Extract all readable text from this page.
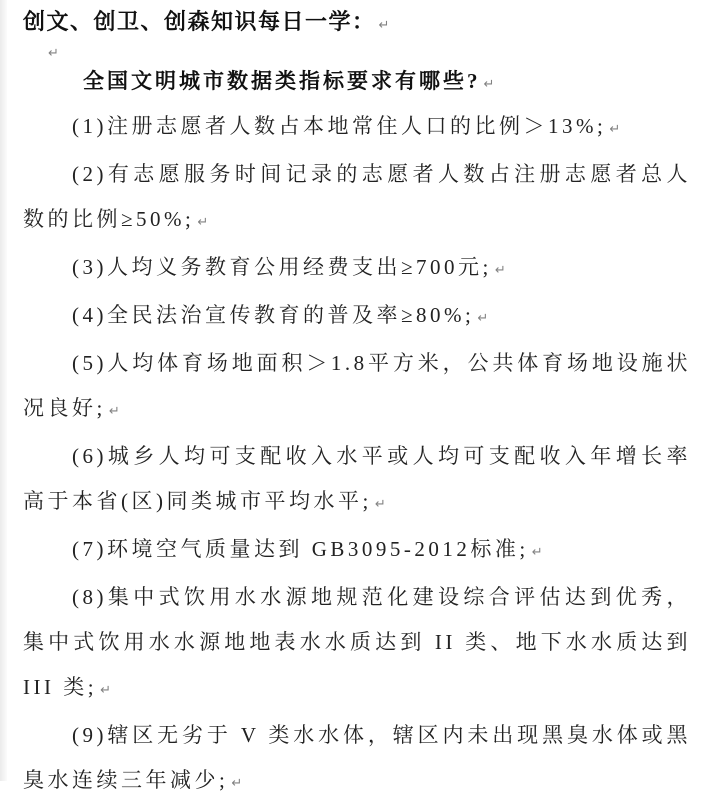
创文、创卫、创森知识每日一学： ↵
↵
全国文明城市数据类指标要求有哪些? ↵

(1)注册志愿者人数占本地常住人口的比例＞13%; ↵

(2)有志愿服务时间记录的志愿者人数占注册志愿者总人数的比例≥50%; ↵

(3)人均义务教育公用经费支出≥700元; ↵

(4)全民法治宣传教育的普及率≥80%; ↵

(5)人均体育场地面积＞1.8平方米，公共体育场地设施状况良好; ↵

(6)城乡人均可支配收入水平或人均可支配收入年增长率高于本省(区)同类城市平均水平; ↵

(7)环境空气质量达到 GB3095-2012标准; ↵

(8)集中式饮用水水源地规范化建设综合评估达到优秀，集中式饮用水水源地地表水水质达到 II 类、地下水水质达到 III 类; ↵

(9)辖区无劣于 V 类水水体，辖区内未出现黑臭水体或黑臭水连续三年减少; ↵
